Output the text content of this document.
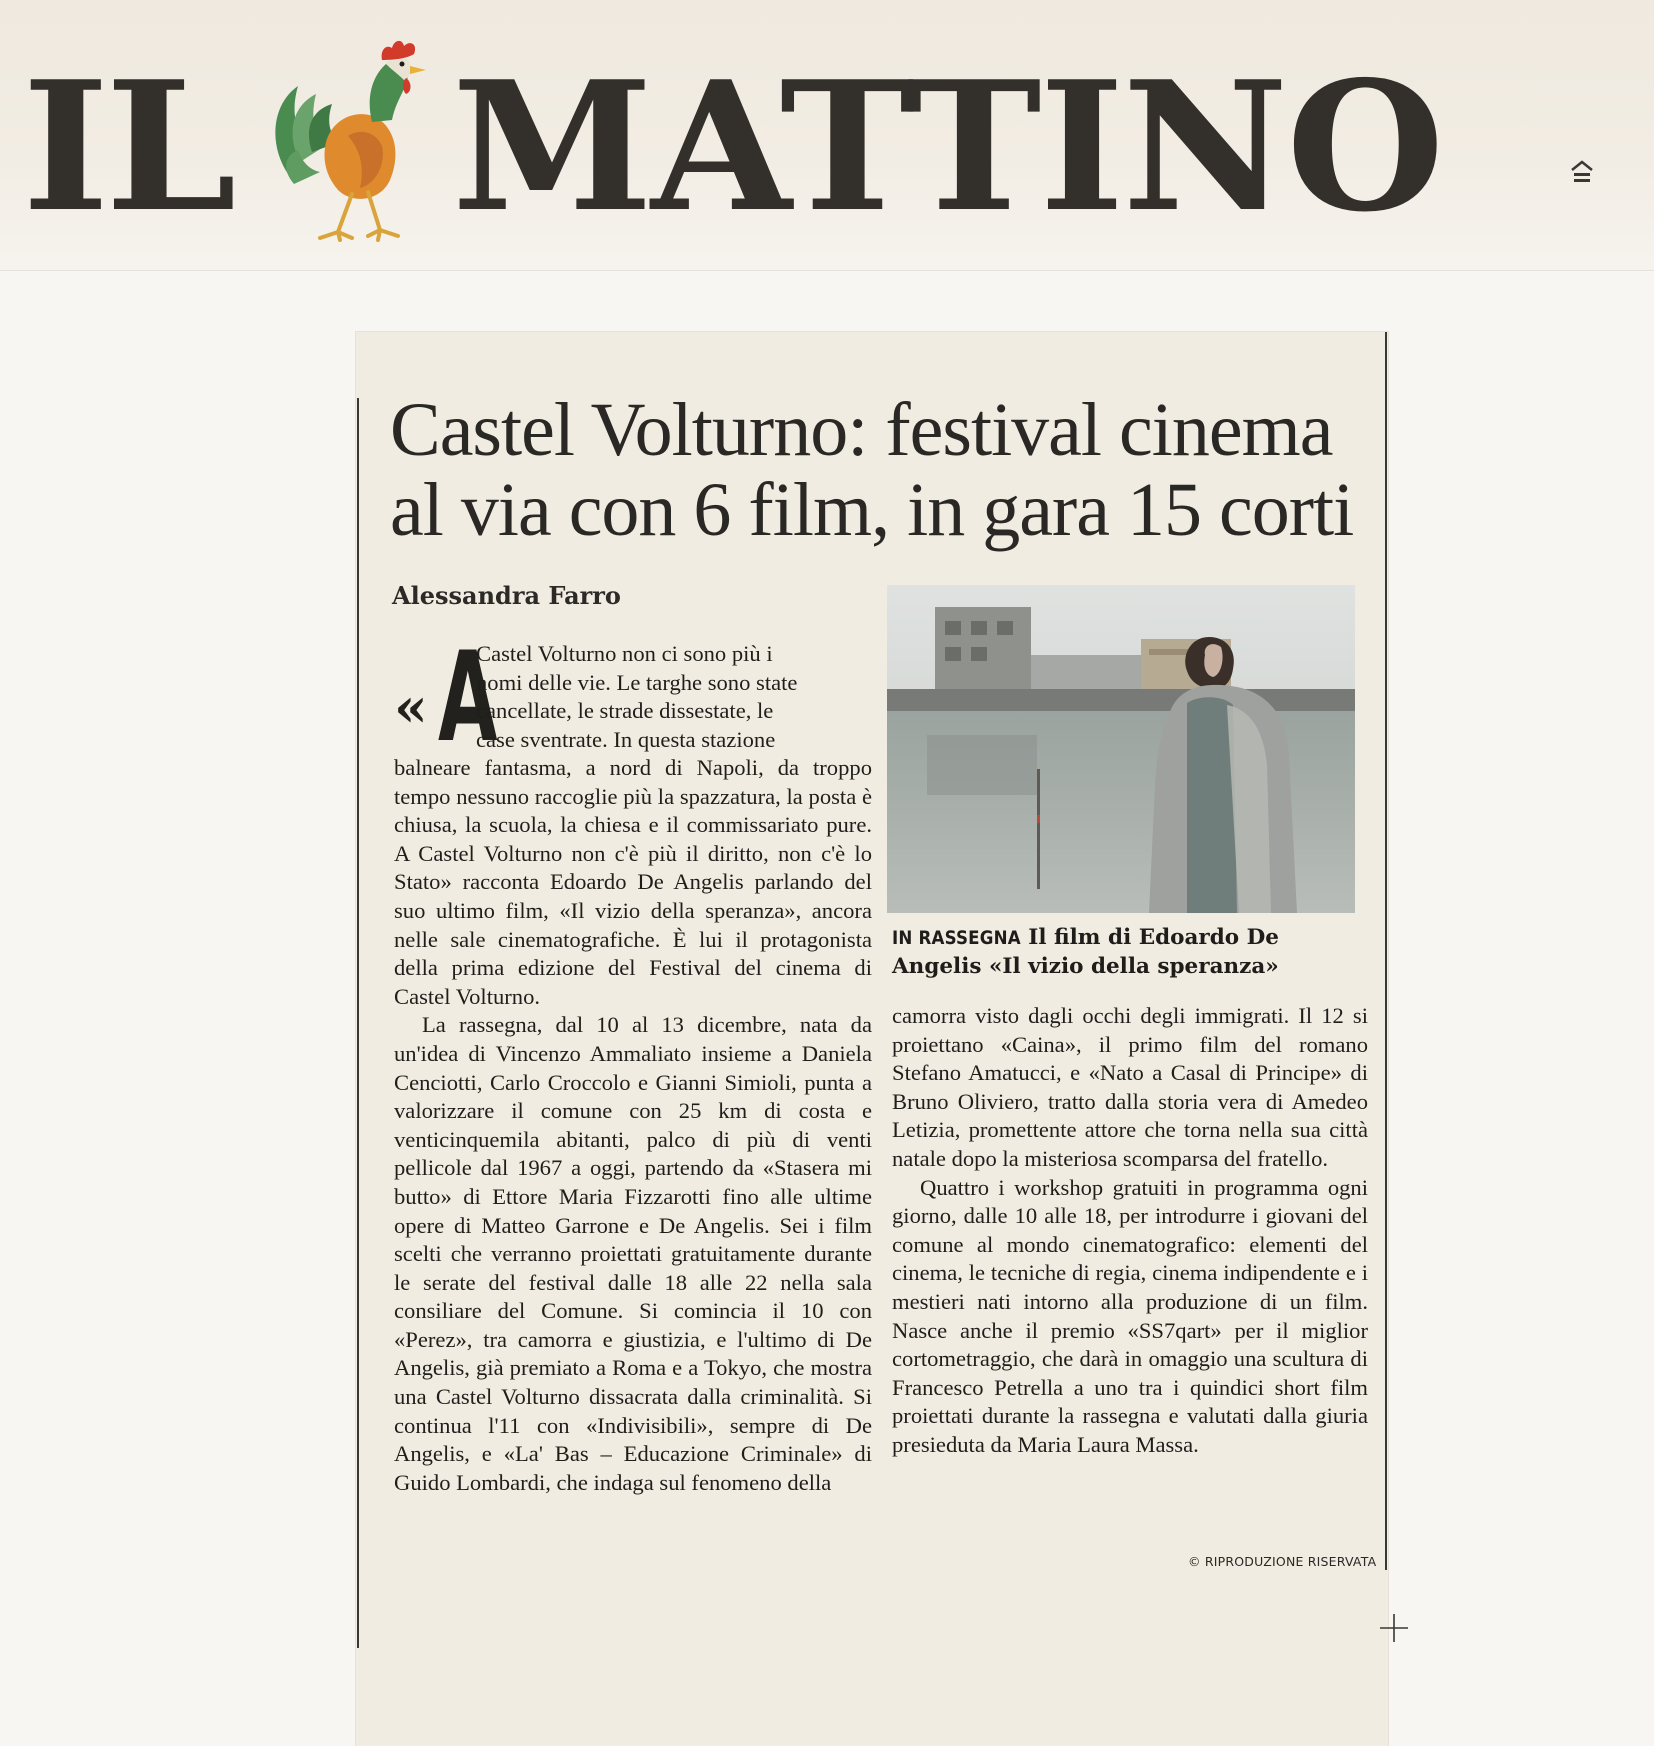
IL MATTINO
Castel Volturno: festival cinema
al via con 6 film, in gara 15 corti
Alessandra Farro
« A
Castel Volturno non ci sono più i
nomi delle vie. Le targhe sono state
cancellate, le strade dissestate, le
case sventrate. In questa stazione

balneare fantasma, a nord di Napoli, da troppo tempo nessuno raccoglie più la spazzatura, la posta è chiusa, la scuola, la chiesa e il commissariato pure. A Castel Volturno non c'è più il diritto, non c'è lo Stato» racconta Edoardo De Angelis parlando del suo ultimo film, «Il vizio della speranza», ancora nelle sale cinematografiche. È lui il protagonista della prima edizione del Festival del cinema di Castel Volturno.

La rassegna, dal 10 al 13 dicembre, nata da un'idea di Vincenzo Ammaliato insieme a Daniela Cenciotti, Carlo Croccolo e Gianni Simioli, punta a valorizzare il comune con 25 km di costa e venticinquemila abitanti, palco di più di venti pellicole dal 1967 a oggi, partendo da «Stasera mi butto» di Ettore Maria Fizzarotti fino alle ultime opere di Matteo Garrone e De Angelis. Sei i film scelti che verranno proiettati gratuitamente durante le serate del festival dalle 18 alle 22 nella sala consiliare del Comune. Si comincia il 10 con «Perez», tra camorra e giustizia, e l'ultimo di De Angelis, già premiato a Roma e a Tokyo, che mostra una Castel Volturno dissacrata dalla criminalità. Si continua l'11 con «Indivisibili», sempre di De Angelis, e «La' Bas – Educazione Criminale» di Guido Lombardi, che indaga sul fenomeno della

IN RASSEGNA Il film di Edoardo De Angelis «Il vizio della speranza»

camorra visto dagli occhi degli immigrati. Il 12 si proiettano «Caina», il primo film del romano Stefano Amatucci, e «Nato a Casal di Principe» di Bruno Oliviero, tratto dalla storia vera di Amedeo Letizia, promettente attore che torna nella sua città natale dopo la misteriosa scomparsa del fratello.

Quattro i workshop gratuiti in programma ogni giorno, dalle 10 alle 18, per introdurre i giovani del comune al mondo cinematografico: elementi del cinema, le tecniche di regia, cinema indipendente e i mestieri nati intorno alla produzione di un film. Nasce anche il premio «SS7qart» per il miglior cortometraggio, che darà in omaggio una scultura di Francesco Petrella a uno tra i quindici short film proiettati durante la rassegna e valutati dalla giuria presieduta da Maria Laura Massa.

© RIPRODUZIONE RISERVATA
